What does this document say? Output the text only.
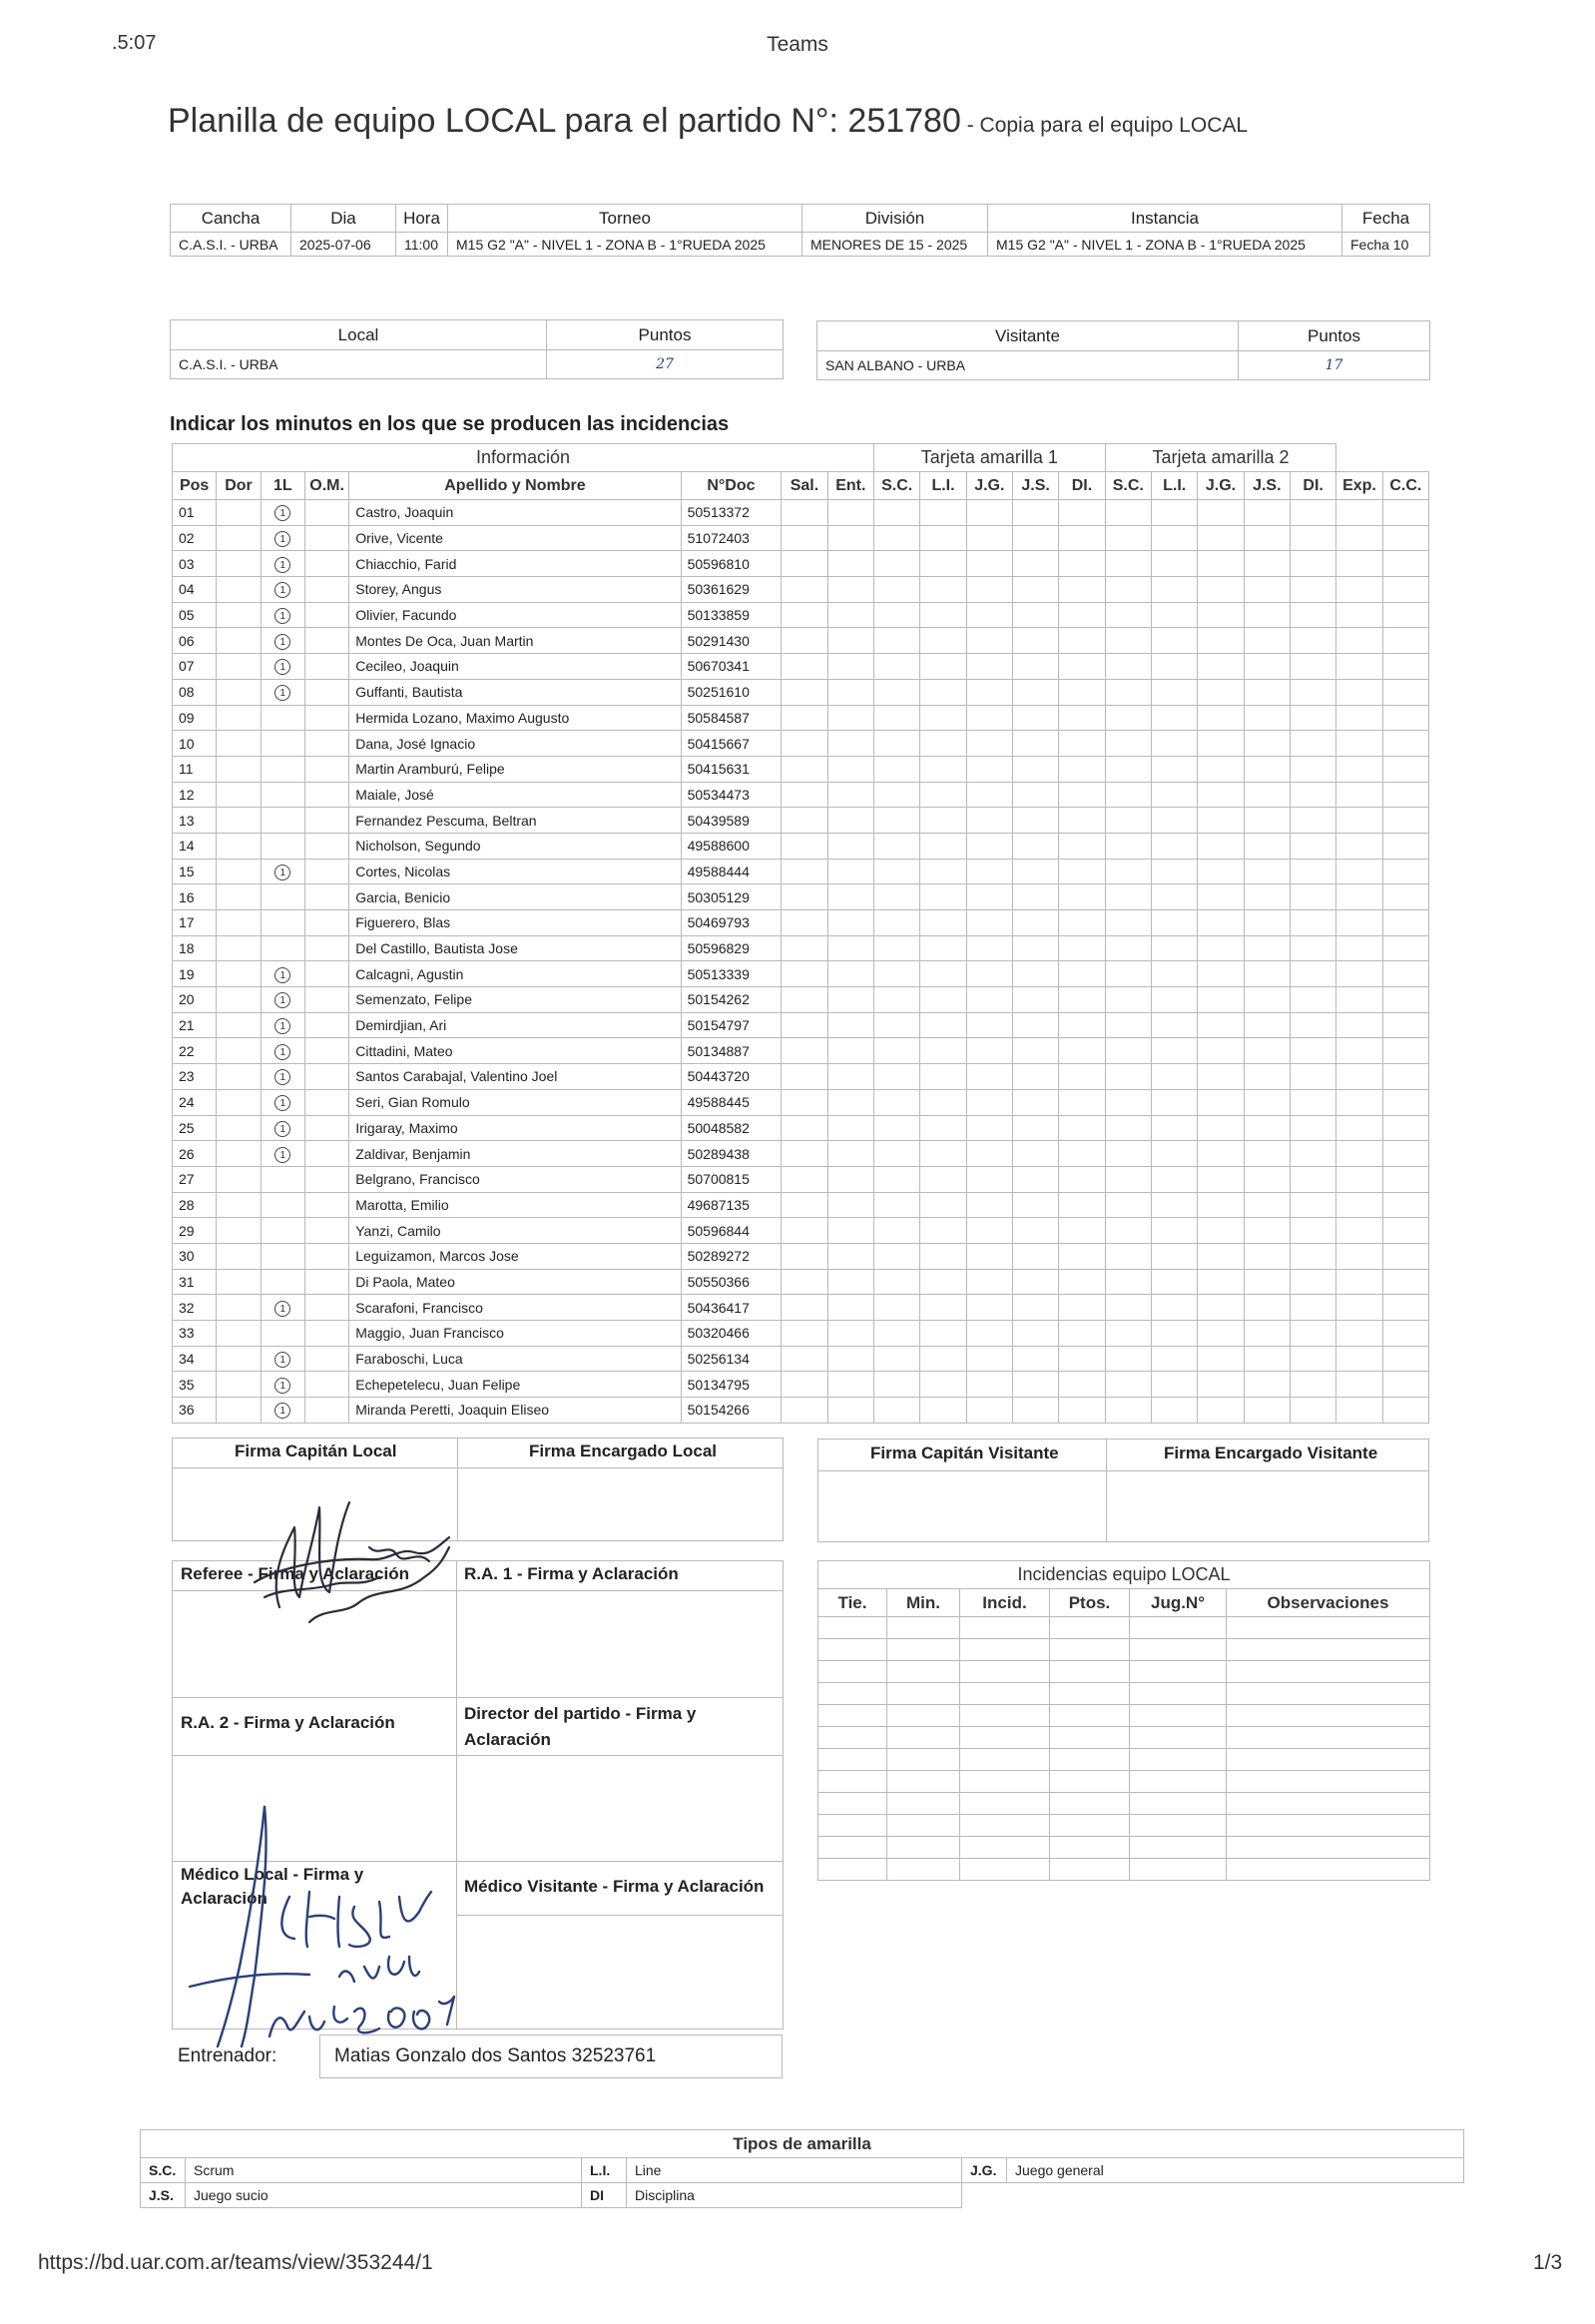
.5:07	Teams
Planilla de equipo LOCAL para el partido N°: 251780 - Copia para el equipo LOCAL
Cancha	Dia	Hora	Torneo	División	Instancia	Fecha
C.A.S.I. - URBA	2025-07-06	11:00	M15 G2 "A" - NIVEL 1 - ZONA B - 1°RUEDA 2025	MENORES DE 15 - 2025	M15 G2 "A" - NIVEL 1 - ZONA B - 1°RUEDA 2025	Fecha 10
Local	Puntos
C.A.S.I. - URBA	27
Visitante	Puntos
SAN ALBANO - URBA	17
Indicar los minutos en los que se producen las incidencias
Información								Tarjeta amarilla 1					Tarjeta amarilla 2						
Pos	Dor	1L	O.M.	Apellido y Nombre	N°Doc	Sal.	Ent.	S.C.	L.I.	J.G.	J.S.	DI.	S.C.	L.I.	J.G.	J.S.	DI.	Exp.	C.C.
01		1		Castro, Joaquin	50513372														
02		1		Orive, Vicente	51072403														
03		1		Chiacchio, Farid	50596810														
04		1		Storey, Angus	50361629														
05		1		Olivier, Facundo	50133859														
06		1		Montes De Oca, Juan Martin	50291430														
07		1		Cecileo, Joaquin	50670341														
08		1		Guffanti, Bautista	50251610														
09				Hermida Lozano, Maximo Augusto	50584587														
10				Dana, José Ignacio	50415667														
11				Martin Aramburú, Felipe	50415631														
12				Maiale, José	50534473														
13				Fernandez Pescuma, Beltran	50439589														
14				Nicholson, Segundo	49588600														
15		1		Cortes, Nicolas	49588444														
16				Garcia, Benicio	50305129														
17				Figuerero, Blas	50469793														
18				Del Castillo, Bautista Jose	50596829														
19		1		Calcagni, Agustin	50513339														
20		1		Semenzato, Felipe	50154262														
21		1		Demirdjian, Ari	50154797														
22		1		Cittadini, Mateo	50134887														
23		1		Santos Carabajal, Valentino Joel	50443720														
24		1		Seri, Gian Romulo	49588445														
25		1		Irigaray, Maximo	50048582														
26		1		Zaldivar, Benjamin	50289438														
27				Belgrano, Francisco	50700815														
28				Marotta, Emilio	49687135														
29				Yanzi, Camilo	50596844														
30				Leguizamon, Marcos Jose	50289272														
31				Di Paola, Mateo	50550366														
32		1		Scarafoni, Francisco	50436417														
33				Maggio, Juan Francisco	50320466														
34		1		Faraboschi, Luca	50256134														
35		1		Echepetelecu, Juan Felipe	50134795														
36		1		Miranda Peretti, Joaquin Eliseo	50154266														
Firma Capitán Local	Firma Encargado Local	Firma Capitán Visitante	Firma Encargado Visitante
Referee - Firma y Aclaración	R.A. 1 - Firma y Aclaración
R.A. 2 - Firma y Aclaración	Director del partido - Firma y
Aclaración
Médico Local - Firma y
Aclaración
Médico Visitante - Firma y Aclaración
Incidencias equipo LOCAL					
Tie.	Min.	Incid.	Ptos.	Jug.N°	Observaciones

Entrenador:	Matias Gonzalo dos Santos 32523761
Tipos de amarilla					
S.C.	Scrum	L.I.	Line	J.G.	Juego general
J.S.	Juego sucio	DI	Disciplina		
https://bd.uar.com.ar/teams/view/353244/1	1/3
